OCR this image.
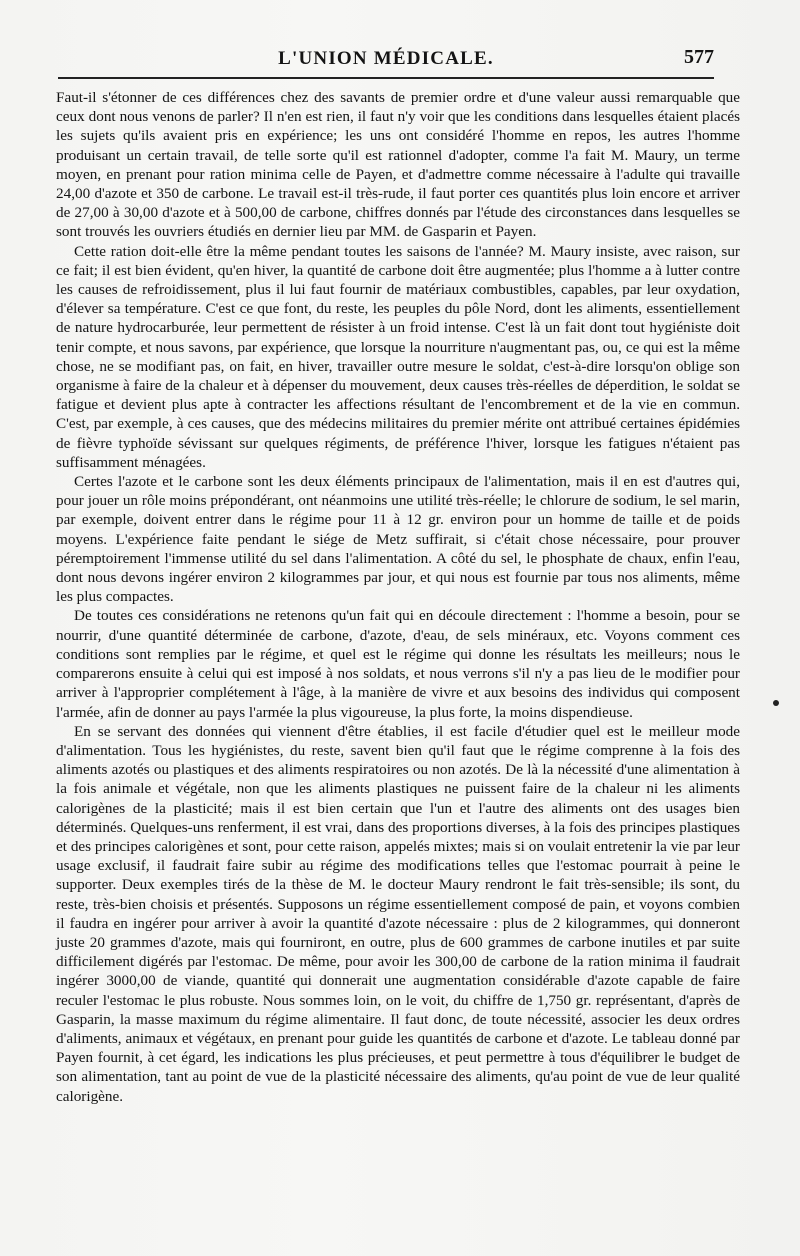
L'UNION MÉDICALE.	577

Faut-il s'étonner de ces différences chez des savants de premier ordre et d'une valeur aussi remarquable que ceux dont nous venons de parler? Il n'en est rien, il faut n'y voir que les conditions dans lesquelles étaient placés les sujets qu'ils avaient pris en expérience; les uns ont considéré l'homme en repos, les autres l'homme produisant un certain travail, de telle sorte qu'il est rationnel d'adopter, comme l'a fait M. Maury, un terme moyen, en prenant pour ration minima celle de Payen, et d'admettre comme nécessaire à l'adulte qui travaille 24,00 d'azote et 350 de carbone. Le travail est-il très-rude, il faut porter ces quantités plus loin encore et arriver de 27,00 à 30,00 d'azote et à 500,00 de carbone, chiffres donnés par l'étude des circonstances dans lesquelles se sont trouvés les ouvriers étudiés en dernier lieu par MM. de Gasparin et Payen.

Cette ration doit-elle être la même pendant toutes les saisons de l'année? M. Maury insiste, avec raison, sur ce fait; il est bien évident, qu'en hiver, la quantité de carbone doit être augmentée; plus l'homme a à lutter contre les causes de refroidissement, plus il lui faut fournir de matériaux combustibles, capables, par leur oxydation, d'élever sa température. C'est ce que font, du reste, les peuples du pôle Nord, dont les aliments, essentiellement de nature hydrocarburée, leur permettent de résister à un froid intense. C'est là un fait dont tout hygiéniste doit tenir compte, et nous savons, par expérience, que lorsque la nourriture n'augmentant pas, ou, ce qui est la même chose, ne se modifiant pas, on fait, en hiver, travailler outre mesure le soldat, c'est-à-dire lorsqu'on oblige son organisme à faire de la chaleur et à dépenser du mouvement, deux causes très-réelles de déperdition, le soldat se fatigue et devient plus apte à contracter les affections résultant de l'encombrement et de la vie en commun. C'est, par exemple, à ces causes, que des médecins militaires du premier mérite ont attribué certaines épidémies de fièvre typhoïde sévissant sur quelques régiments, de préférence l'hiver, lorsque les fatigues n'étaient pas suffisamment ménagées.

Certes l'azote et le carbone sont les deux éléments principaux de l'alimentation, mais il en est d'autres qui, pour jouer un rôle moins prépondérant, ont néanmoins une utilité très-réelle; le chlorure de sodium, le sel marin, par exemple, doivent entrer dans le régime pour 11 à 12 gr. environ pour un homme de taille et de poids moyens. L'expérience faite pendant le siége de Metz suffirait, si c'était chose nécessaire, pour prouver péremptoirement l'immense utilité du sel dans l'alimentation. A côté du sel, le phosphate de chaux, enfin l'eau, dont nous devons ingérer environ 2 kilogrammes par jour, et qui nous est fournie par tous nos aliments, même les plus compactes.

De toutes ces considérations ne retenons qu'un fait qui en découle directement : l'homme a besoin, pour se nourrir, d'une quantité déterminée de carbone, d'azote, d'eau, de sels minéraux, etc. Voyons comment ces conditions sont remplies par le régime, et quel est le régime qui donne les résultats les meilleurs; nous le comparerons ensuite à celui qui est imposé à nos soldats, et nous verrons s'il n'y a pas lieu de le modifier pour arriver à l'approprier complétement à l'âge, à la manière de vivre et aux besoins des individus qui composent l'armée, afin de donner au pays l'armée la plus vigoureuse, la plus forte, la moins dispendieuse.

En se servant des données qui viennent d'être établies, il est facile d'étudier quel est le meilleur mode d'alimentation. Tous les hygiénistes, du reste, savent bien qu'il faut que le régime comprenne à la fois des aliments azotés ou plastiques et des aliments respiratoires ou non azotés. De là la nécessité d'une alimentation à la fois animale et végétale, non que les aliments plastiques ne puissent faire de la chaleur ni les aliments calorigènes de la plasticité; mais il est bien certain que l'un et l'autre des aliments ont des usages bien déterminés. Quelques-uns renferment, il est vrai, dans des proportions diverses, à la fois des principes plastiques et des principes calorigènes et sont, pour cette raison, appelés mixtes; mais si on voulait entretenir la vie par leur usage exclusif, il faudrait faire subir au régime des modifications telles que l'estomac pourrait à peine le supporter. Deux exemples tirés de la thèse de M. le docteur Maury rendront le fait très-sensible; ils sont, du reste, très-bien choisis et présentés. Supposons un régime essentiellement composé de pain, et voyons combien il faudra en ingérer pour arriver à avoir la quantité d'azote nécessaire : plus de 2 kilogrammes, qui donneront juste 20 grammes d'azote, mais qui fourniront, en outre, plus de 600 grammes de carbone inutiles et par suite difficilement digérés par l'estomac. De même, pour avoir les 300,00 de carbone de la ration minima il faudrait ingérer 3000,00 de viande, quantité qui donnerait une augmentation considérable d'azote capable de faire reculer l'estomac le plus robuste. Nous sommes loin, on le voit, du chiffre de 1,750 gr. représentant, d'après de Gasparin, la masse maximum du régime alimentaire. Il faut donc, de toute nécessité, associer les deux ordres d'aliments, animaux et végétaux, en prenant pour guide les quantités de carbone et d'azote. Le tableau donné par Payen fournit, à cet égard, les indications les plus précieuses, et peut permettre à tous d'équilibrer le budget de son alimentation, tant au point de vue de la plasticité nécessaire des aliments, qu'au point de vue de leur qualité calorigène.
